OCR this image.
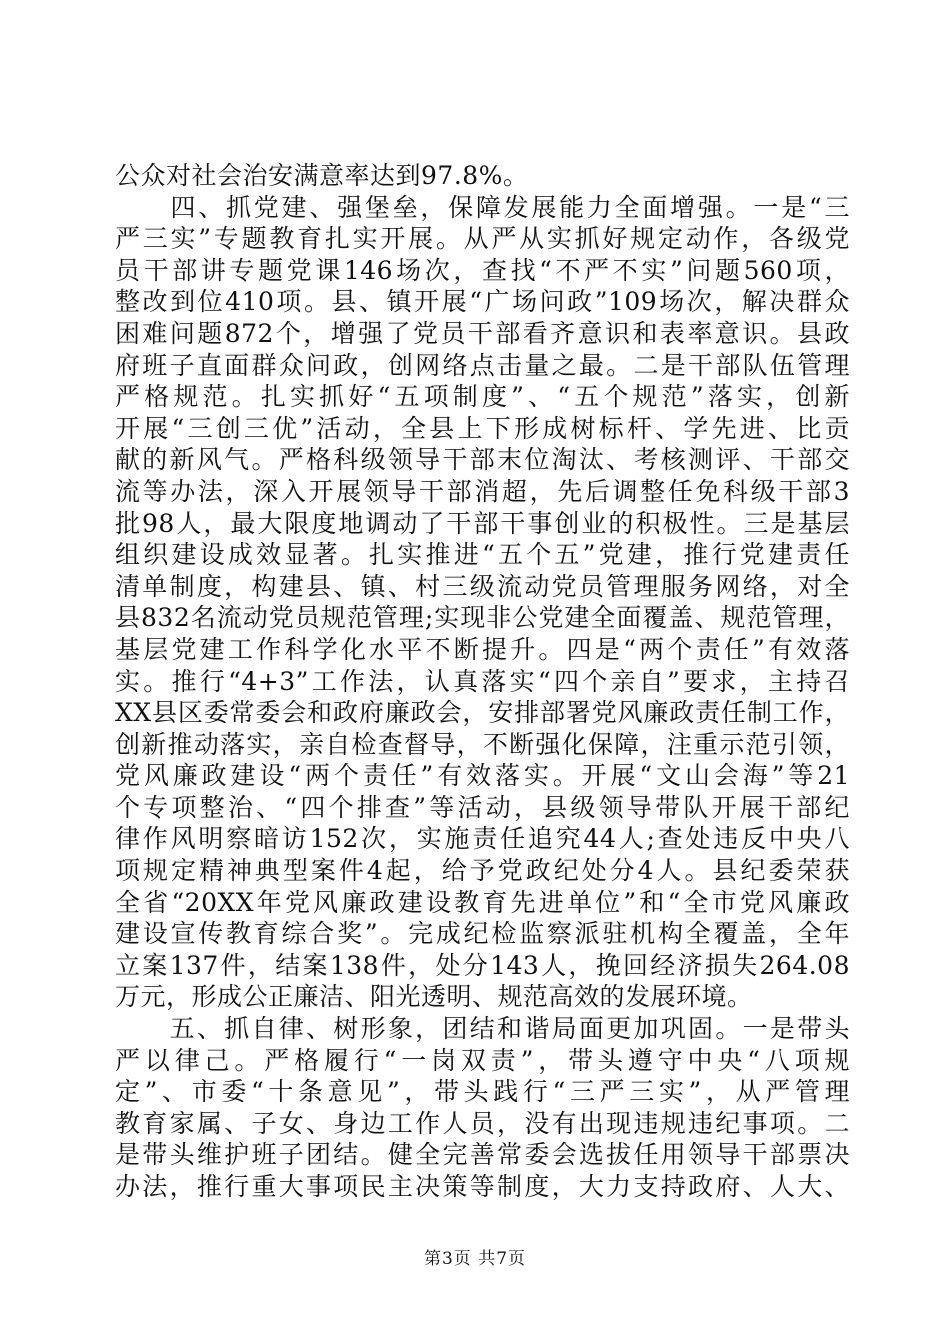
公众对社会治安满意率达到97.8%。
　　四、抓党建、强堡垒，保障发展能力全面增强。一是“三
严三实”专题教育扎实开展。从严从实抓好规定动作，各级党
员干部讲专题党课146场次，查找“不严不实”问题560项，
整改到位410项。县、镇开展“广场问政”109场次，解决群众
困难问题872个，增强了党员干部看齐意识和表率意识。县政
府班子直面群众问政，创网络点击量之最。二是干部队伍管理
严格规范。扎实抓好“五项制度”、“五个规范”落实，创新
开展“三创三优”活动，全县上下形成树标杆、学先进、比贡
献的新风气。严格科级领导干部末位淘汰、考核测评、干部交
流等办法，深入开展领导干部消超，先后调整任免科级干部3
批98人，最大限度地调动了干部干事创业的积极性。三是基层
组织建设成效显著。扎实推进“五个五”党建，推行党建责任
清单制度，构建县、镇、村三级流动党员管理服务网络，对全
县832名流动党员规范管理;实现非公党建全面覆盖、规范管理，
基层党建工作科学化水平不断提升。四是“两个责任”有效落
实。推行“4+3”工作法，认真落实“四个亲自”要求，主持召
XX县区委常委会和政府廉政会，安排部署党风廉政责任制工作，
创新推动落实，亲自检查督导，不断强化保障，注重示范引领，
党风廉政建设“两个责任”有效落实。开展“文山会海”等21
个专项整治、“四个排查”等活动，县级领导带队开展干部纪
律作风明察暗访152次，实施责任追究44人;查处违反中央八
项规定精神典型案件4起，给予党政纪处分4人。县纪委荣获
全省“20XX年党风廉政建设教育先进单位”和“全市党风廉政
建设宣传教育综合奖”。完成纪检监察派驻机构全覆盖，全年
立案137件，结案138件，处分143人，挽回经济损失264.08
万元，形成公正廉洁、阳光透明、规范高效的发展环境。
　　五、抓自律、树形象，团结和谐局面更加巩固。一是带头
严以律己。严格履行“一岗双责”，带头遵守中央“八项规
定”、市委“十条意见”，带头践行“三严三实”，从严管理
教育家属、子女、身边工作人员，没有出现违规违纪事项。二
是带头维护班子团结。健全完善常委会选拔任用领导干部票决
办法，推行重大事项民主决策等制度，大力支持政府、人大、
第3页 共7页
